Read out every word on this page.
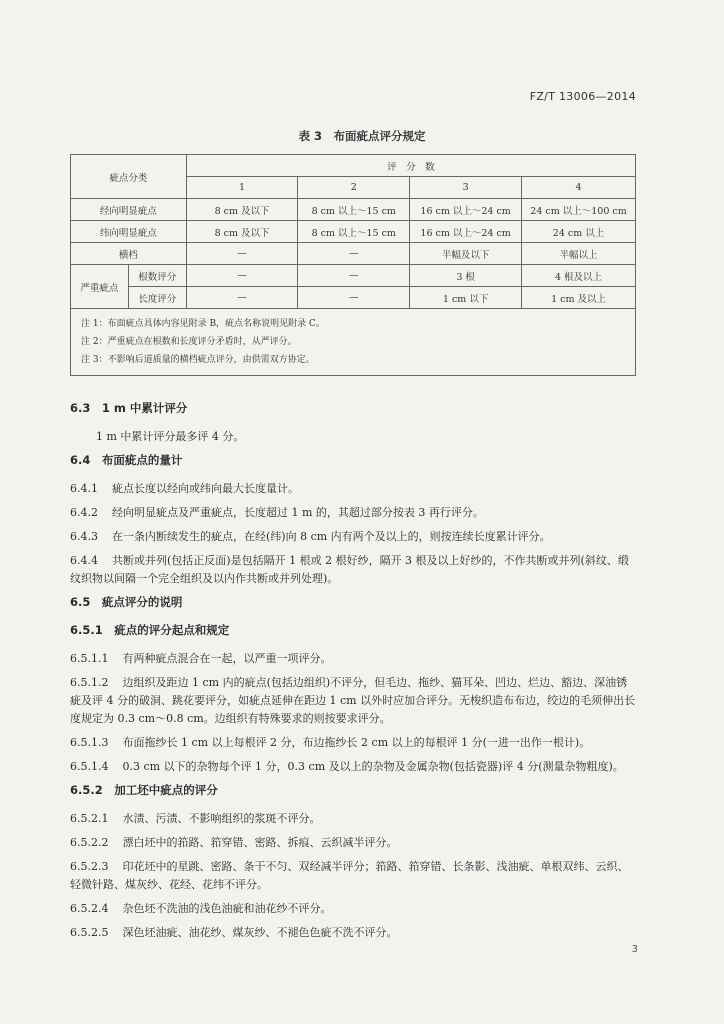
FZ/T 13006—2014
表 3　布面疵点评分规定
疵点分类		评　分　数			
		1	2	3	4
经向明显疵点		8 cm 及以下	8 cm 以上～15 cm	16 cm 以上～24 cm	24 cm 以上～100 cm
纬向明显疵点		8 cm 及以下	8 cm 以上～15 cm	16 cm 以上～24 cm	24 cm 以上
横档		—	—	半幅及以下	半幅以上
严重疵点	根数评分	—	—	3 根	4 根及以上
	长度评分	—	—	1 cm 以下	1 cm 及以上

注 1：布面疵点具体内容见附录 B，疵点名称说明见附录 C。
注 2：严重疵点在根数和长度评分矛盾时，从严评分。
注 3：不影响后道质量的横档疵点评分，由供需双方协定。					
6.3　1 m 中累计评分
1 m 中累计评分最多评 4 分。
6.4　布面疵点的量计
6.4.1 疵点长度以经向或纬向最大长度量计。
6.4.2 经向明显疵点及严重疵点，长度超过 1 m 的，其超过部分按表 3 再行评分。
6.4.3 在一条内断续发生的疵点，在经(纬)向 8 cm 内有两个及以上的，则按连续长度累计评分。
6.4.4 共断或并列(包括正反面)是包括隔开 1 根或 2 根好纱，隔开 3 根及以上好纱的，不作共断或并列(斜纹、缎纹织物以间隔一个完全组织及以内作共断或并列处理)。
6.5　疵点评分的说明
6.5.1　疵点的评分起点和规定
6.5.1.1 有两种疵点混合在一起，以严重一项评分。
6.5.1.2 边组织及距边 1 cm 内的疵点(包括边组织)不评分，但毛边、拖纱、猫耳朵、凹边、烂边、豁边、深油锈疵及评 4 分的破洞、跳花要评分，如疵点延伸在距边 1 cm 以外时应加合评分。无梭织造布布边，绞边的毛须伸出长度规定为 0.3 cm～0.8 cm。边组织有特殊要求的则按要求评分。
6.5.1.3 布面拖纱长 1 cm 以上每根评 2 分，布边拖纱长 2 cm 以上的每根评 1 分(一进一出作一根计)。
6.5.1.4 0.3 cm 以下的杂物每个评 1 分，0.3 cm 及以上的杂物及金属杂物(包括瓷器)评 4 分(测量杂物粗度)。
6.5.2　加工坯中疵点的评分
6.5.2.1 水渍、污渍、不影响组织的浆斑不评分。
6.5.2.2 漂白坯中的筘路、筘穿错、密路、拆痕、云织减半评分。
6.5.2.3 印花坯中的星跳、密路、条干不匀、双经减半评分；筘路、筘穿错、长条影、浅油疵、单根双纬、云织、轻微针路、煤灰纱、花经、花纬不评分。
6.5.2.4 杂色坯不洗油的浅色油疵和油花纱不评分。
6.5.2.5 深色坯油疵、油花纱、煤灰纱、不褪色色疵不洗不评分。
3
